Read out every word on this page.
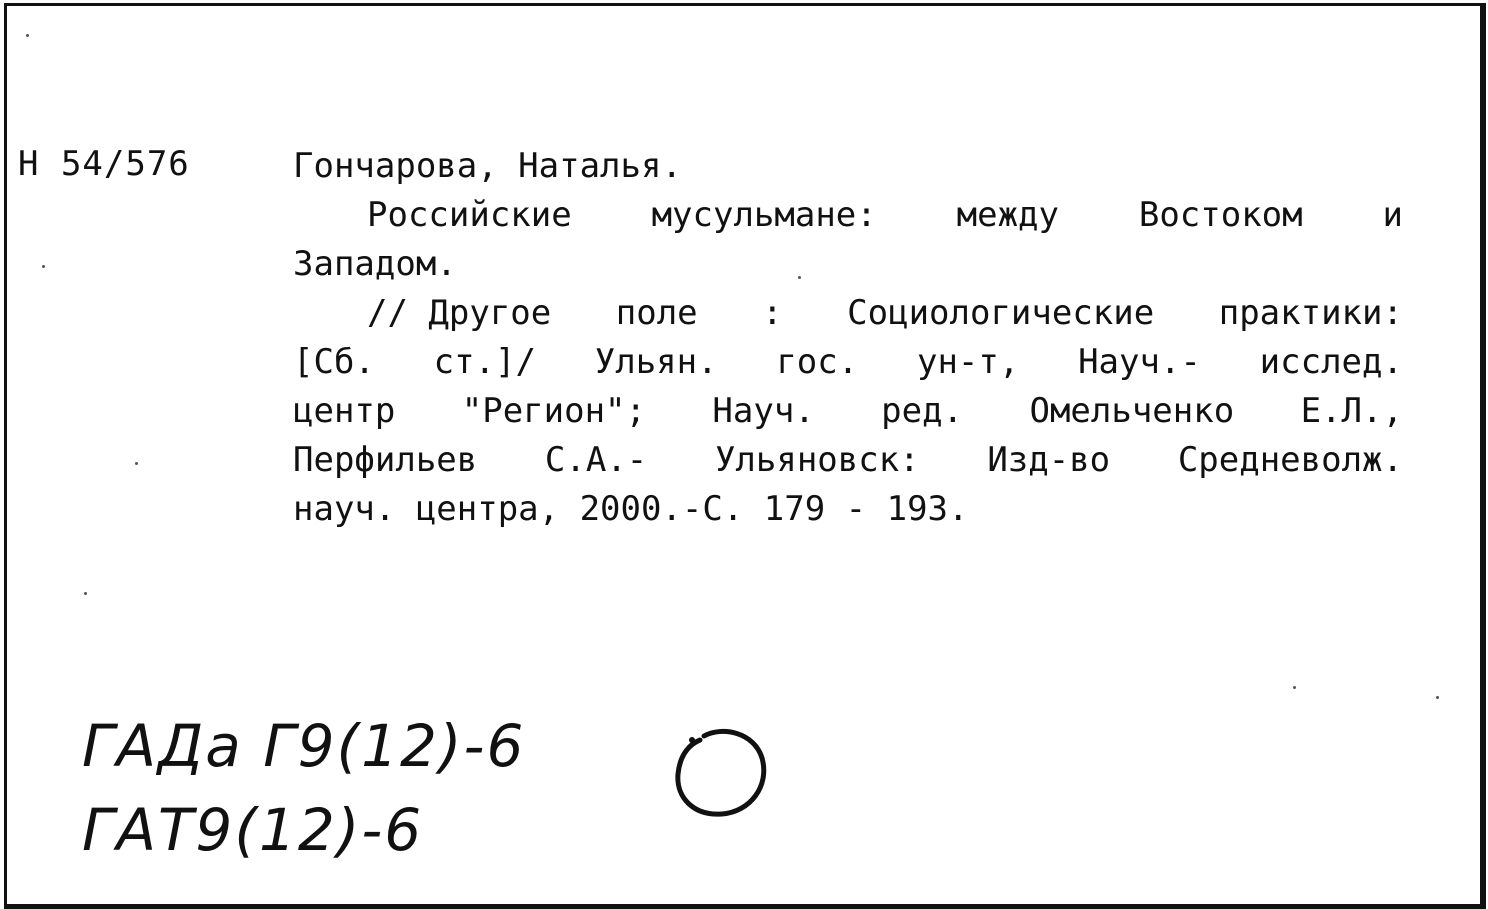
Н 54/576	Гончарова, Наталья.
Российские мусульмане: между Востоком и
Западом.
// Другое поле : Социологические практики:
[Сб. ст.]/ Ульян. гос. ун-т, Науч.- исслед.
центр "Регион"; Науч. ред. Омельченко Е.Л.,
Перфильев С.А.- Ульяновск: Изд-во Средневолж.
науч. центра, 2000.-С. 179 - 193.
ГАДа Г9(12)-6
ГАТ9(12)-6
